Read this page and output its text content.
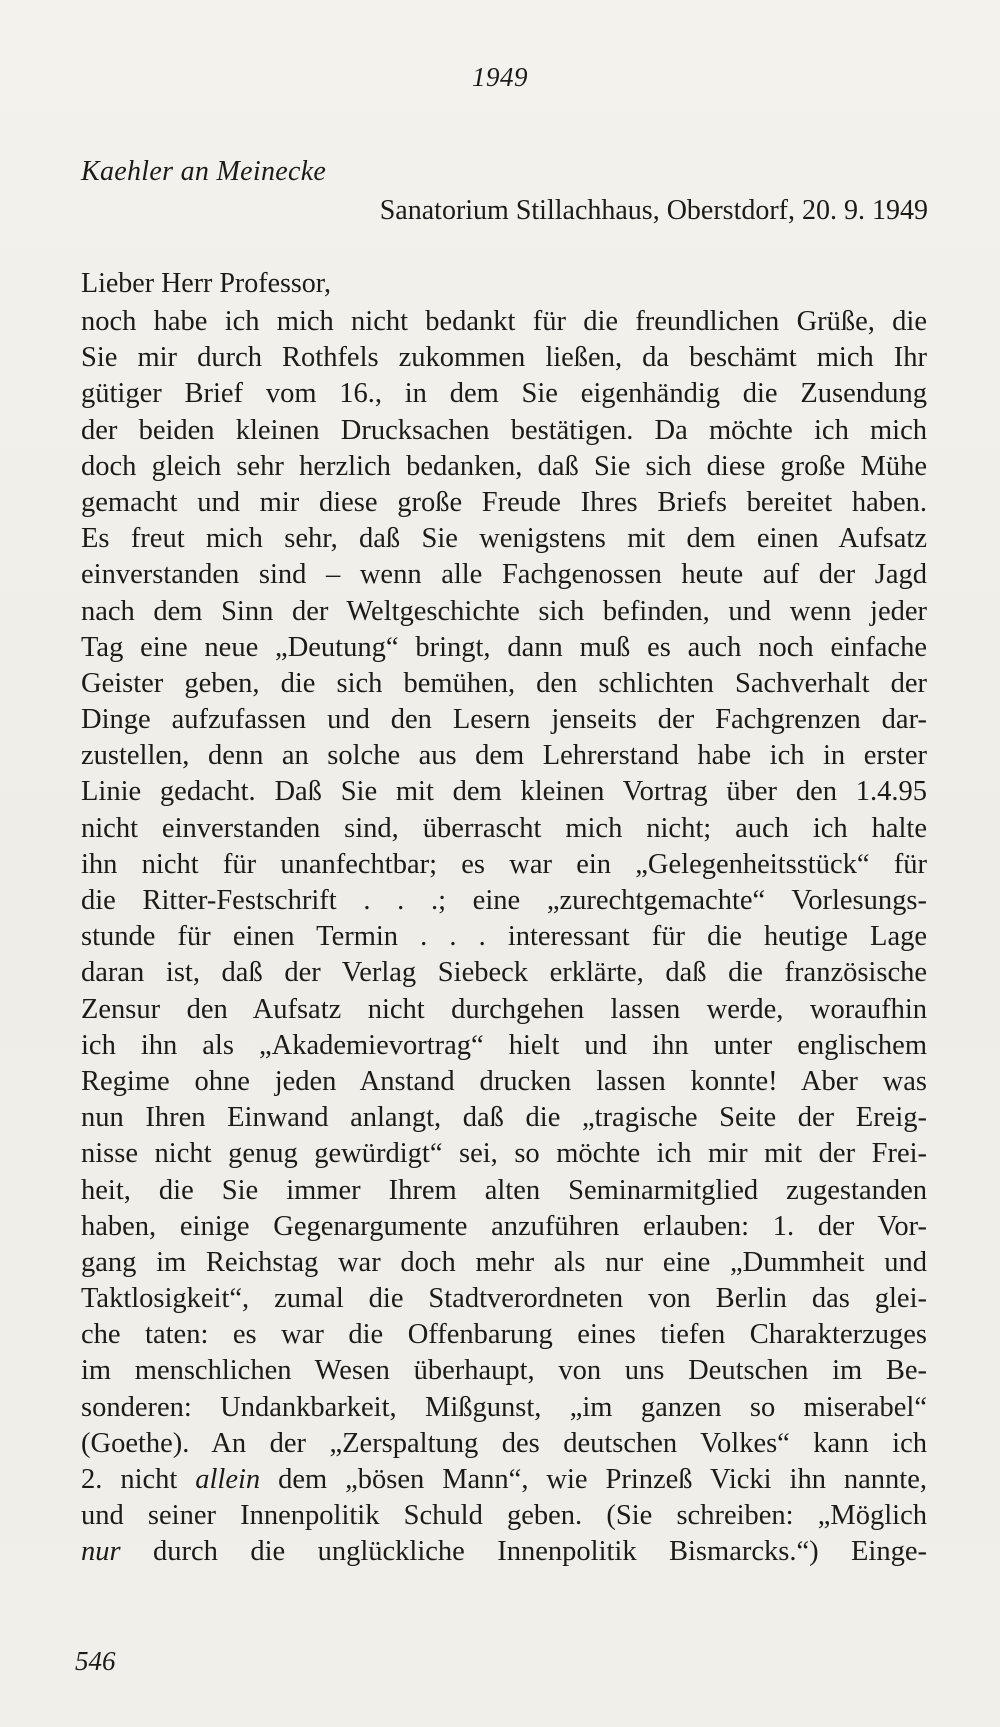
1949
Kaehler an Meinecke
Sanatorium Stillachhaus, Oberstdorf, 20. 9. 1949
Lieber Herr Professor,
noch habe ich mich nicht bedankt für die freundlichen Grüße, die
Sie mir durch Rothfels zukommen ließen, da beschämt mich Ihr
gütiger Brief vom 16., in dem Sie eigenhändig die Zusendung
der beiden kleinen Drucksachen bestätigen. Da möchte ich mich
doch gleich sehr herzlich bedanken, daß Sie sich diese große Mühe
gemacht und mir diese große Freude Ihres Briefs bereitet haben.
Es freut mich sehr, daß Sie wenigstens mit dem einen Aufsatz
einverstanden sind – wenn alle Fachgenossen heute auf der Jagd
nach dem Sinn der Weltgeschichte sich befinden, und wenn jeder
Tag eine neue „Deutung“ bringt, dann muß es auch noch einfache
Geister geben, die sich bemühen, den schlichten Sachverhalt der
Dinge aufzufassen und den Lesern jenseits der Fachgrenzen dar-
zustellen, denn an solche aus dem Lehrerstand habe ich in erster
Linie gedacht. Daß Sie mit dem kleinen Vortrag über den 1.4.95
nicht einverstanden sind, überrascht mich nicht; auch ich halte
ihn nicht für unanfechtbar; es war ein „Gelegenheitsstück“ für
die Ritter-Festschrift . . .; eine „zurechtgemachte“ Vorlesungs-
stunde für einen Termin . . . interessant für die heutige Lage
daran ist, daß der Verlag Siebeck erklärte, daß die französische
Zensur den Aufsatz nicht durchgehen lassen werde, woraufhin
ich ihn als „Akademievortrag“ hielt und ihn unter englischem
Regime ohne jeden Anstand drucken lassen konnte! Aber was
nun Ihren Einwand anlangt, daß die „tragische Seite der Ereig-
nisse nicht genug gewürdigt“ sei, so möchte ich mir mit der Frei-
heit, die Sie immer Ihrem alten Seminarmitglied zugestanden
haben, einige Gegenargumente anzuführen erlauben: 1. der Vor-
gang im Reichstag war doch mehr als nur eine „Dummheit und
Taktlosigkeit“, zumal die Stadtverordneten von Berlin das glei-
che taten: es war die Offenbarung eines tiefen Charakterzuges
im menschlichen Wesen überhaupt, von uns Deutschen im Be-
sonderen: Undankbarkeit, Mißgunst, „im ganzen so miserabel“
(Goethe). An der „Zerspaltung des deutschen Volkes“ kann ich
2. nicht allein dem „bösen Mann“, wie Prinzeß Vicki ihn nannte,
und seiner Innenpolitik Schuld geben. (Sie schreiben: „Möglich
nur durch die unglückliche Innenpolitik Bismarcks.“) Einge-
546
